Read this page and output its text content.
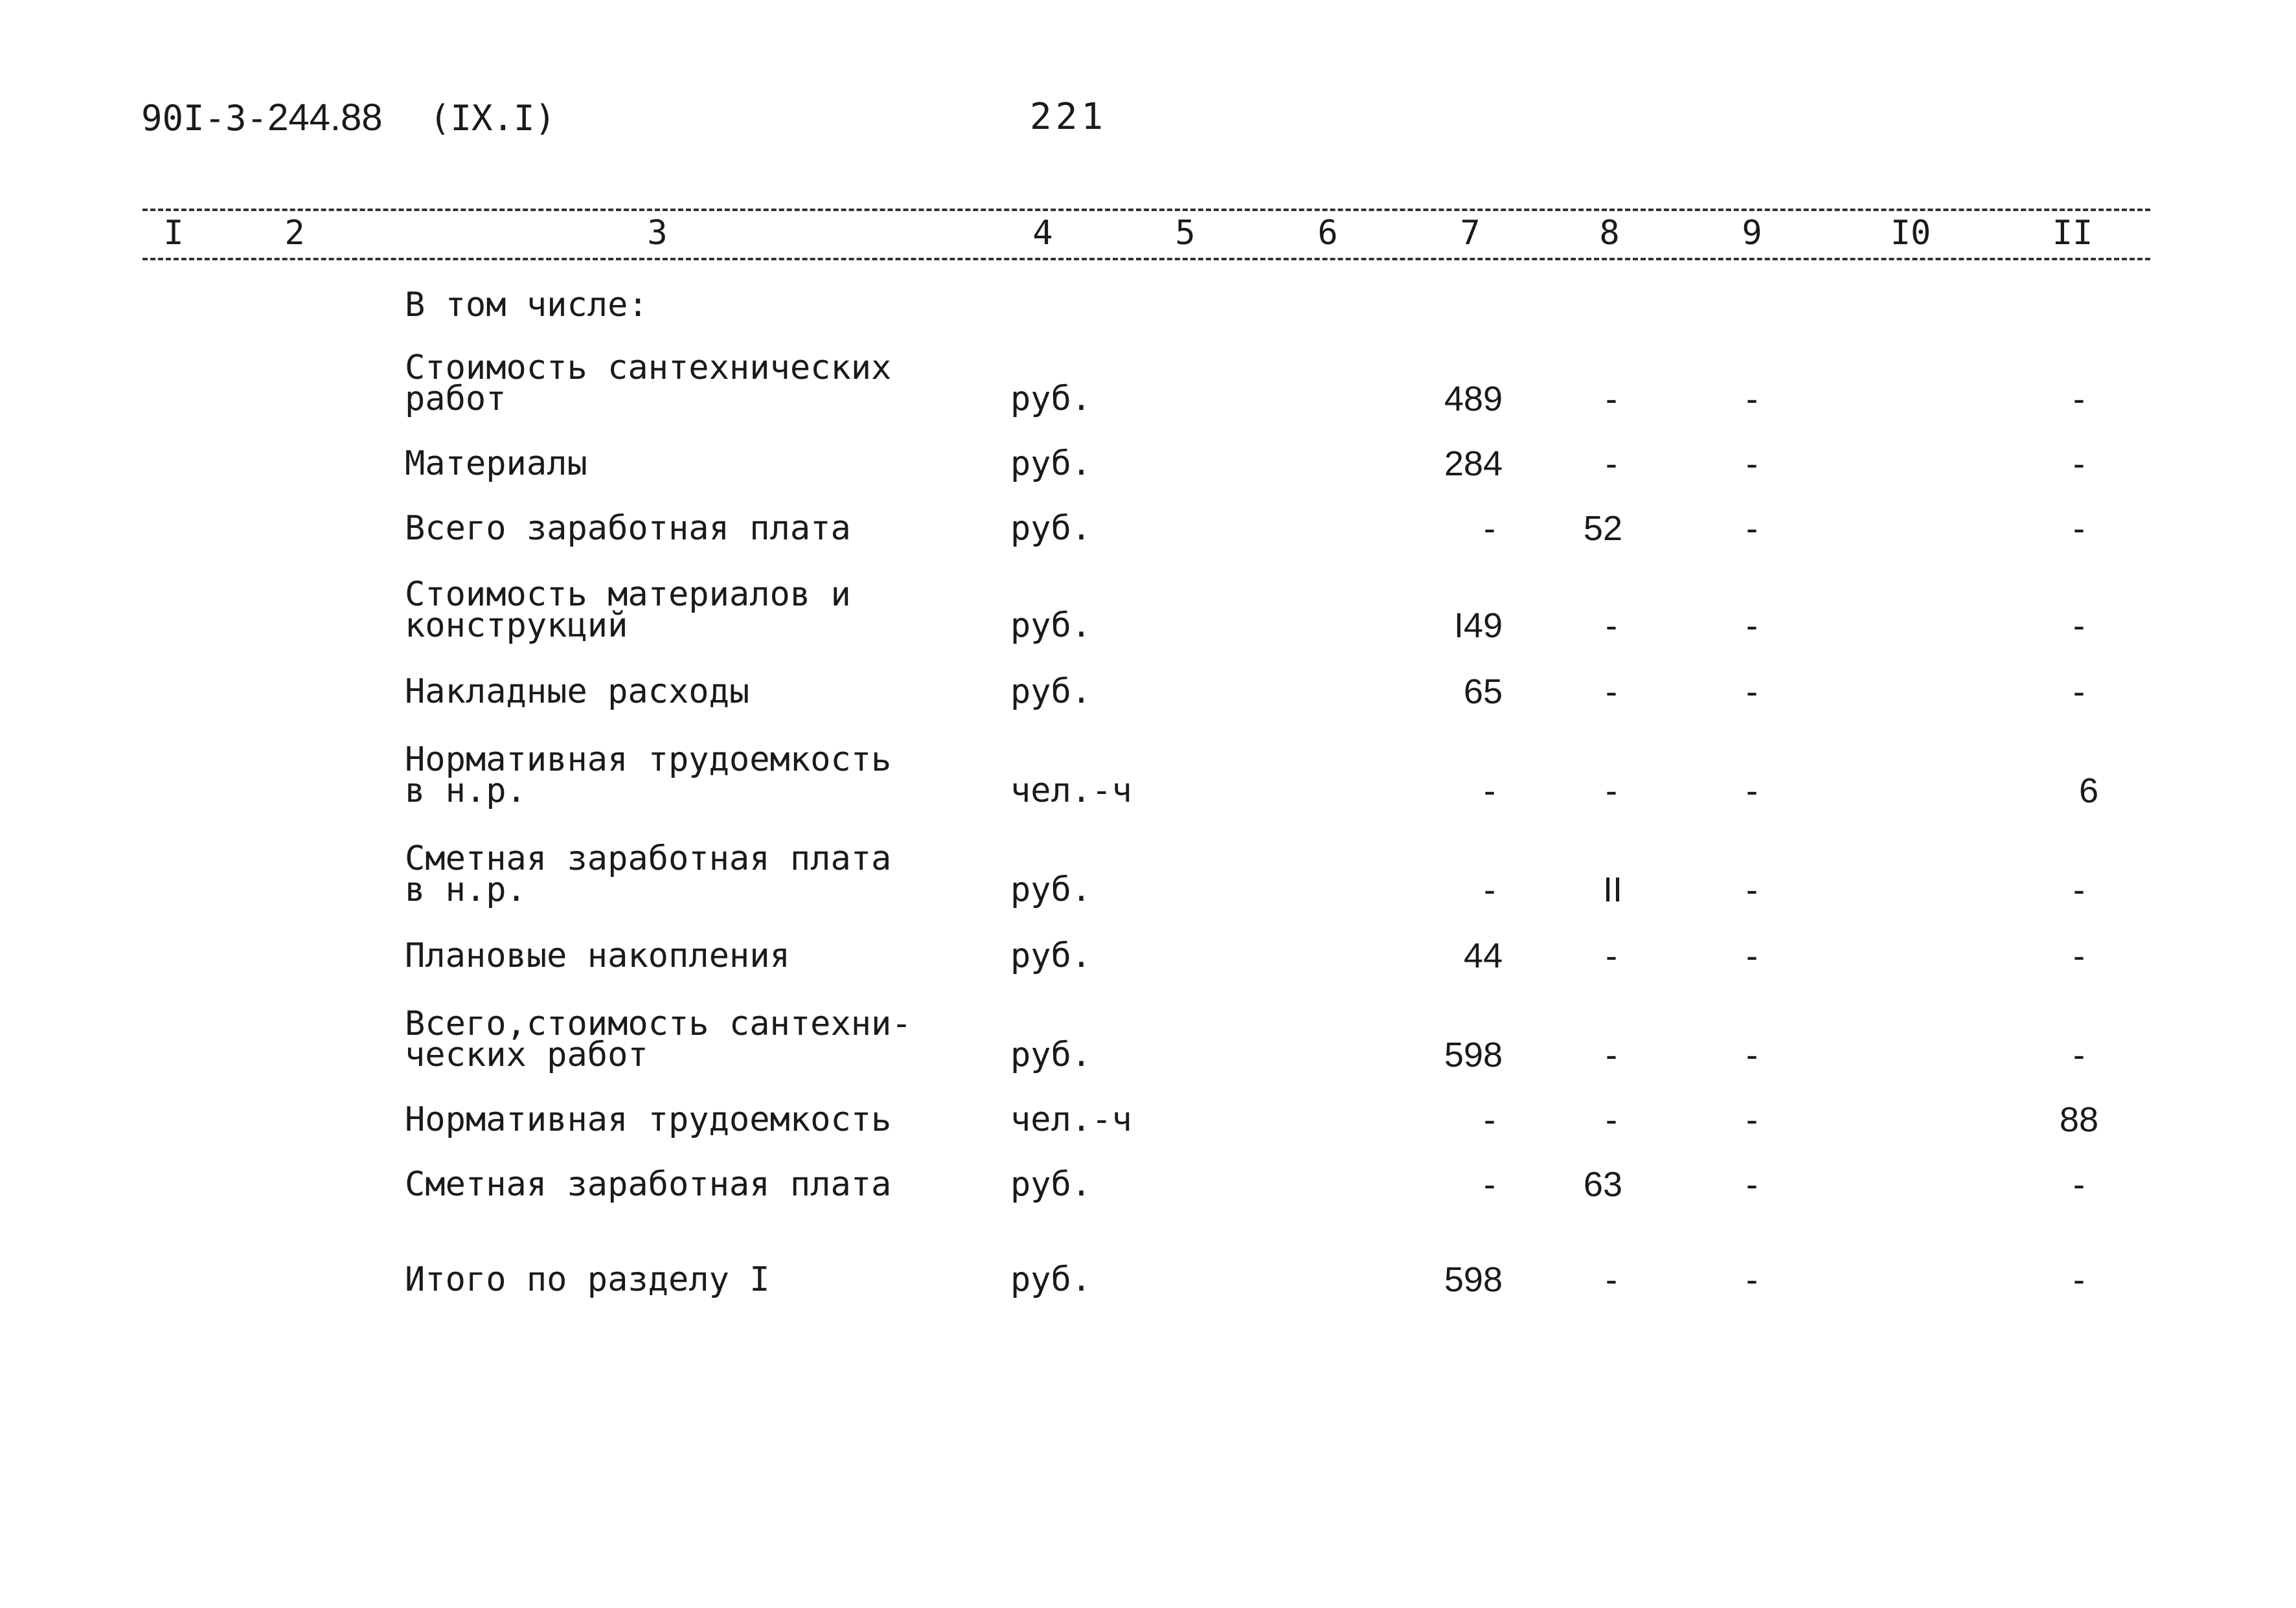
90I-3-244.88 (IX.I)	221
I	2	3	4	5	6	7	8	9	I0	II
В том числе:
Стоимость сантехнических
работ	руб.	489	-	-	-
Материалы	руб.	284	-	-	-
Всего заработная плата	руб.	-	52	-	-
Стоимость материалов и
конструкций	руб.	I49	-	-	-
Накладные расходы	руб.	65	-	-	-
Нормативная трудоемкость
в н.р.	чел.-ч	-	-	-	6
Сметная заработная плата
в н.р.	руб.	-	II	-	-
Плановые накопления	руб.	44	-	-	-
Всего,стоимость сантехни-
ческих работ	руб.	598	-	-	-
Нормативная трудоемкость	чел.-ч	-	-	-	88
Сметная заработная плата	руб.	-	63	-	-
Итого по разделу I	руб.	598	-	-	-
